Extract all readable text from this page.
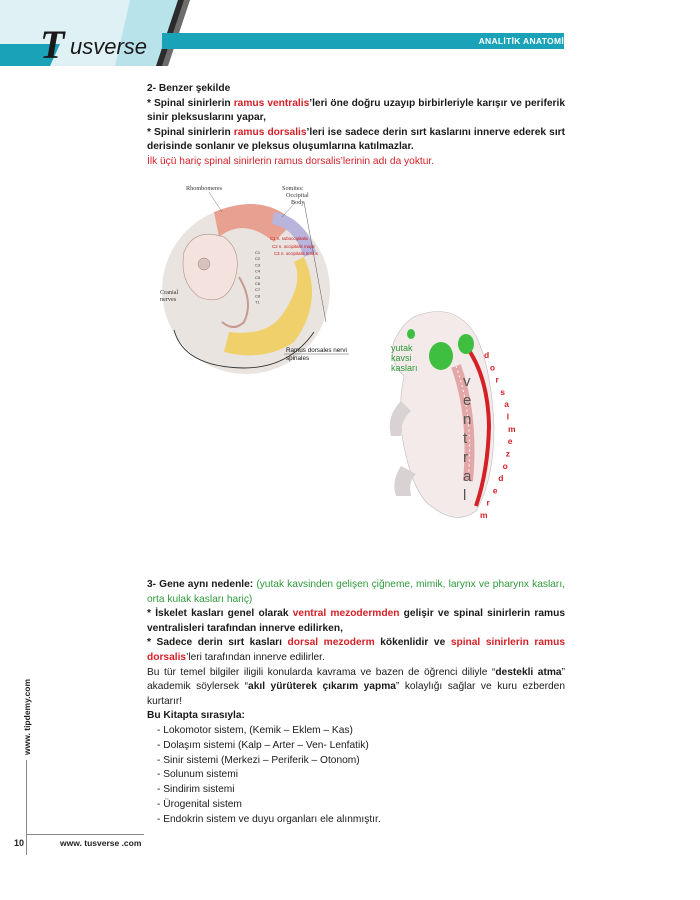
T usverse	ANALİTİK ANATOMİ

2- Benzer şekilde

* Spinal sinirlerin ramus ventralis’leri öne doğru uzayıp birbirleriyle karışır ve periferik sinir pleksuslarını yapar,

* Spinal sinirlerin ramus dorsalis’leri ise sadece derin sırt kaslarını innerve ederek sırt derisinde sonlanır ve pleksus oluşumlarına katılmazlar.

İlk üçü hariç spinal sinirlerin ramus dorsalis’lerinin adı da yoktur.

Rhombomeres	Somites:
Occipital
Body
Cranial
nerves
C1 n. suboccipitalis
C2 n. occipitalis major
C3 n. occipitalis tertius
C1
C2
C3
C4
C5
C6
C7
C8
T1
Ramus dorsales nervi
spinales
yutak
kavsi
kasları
v
e
n
t
r
a
l
d
o
r
s
a
l
m
e
z
o
d
e
r
m

3- Gene aynı nedenle: (yutak kavsinden gelişen çiğneme, mimik, larynx ve pharynx kasları, orta kulak kasları hariç)

* İskelet kasları genel olarak ventral mezodermden gelişir ve spinal sinirlerin ramus ventralisleri tarafından innerve edilirken,

* Sadece derin sırt kasları dorsal mezoderm kökenlidir ve spinal sinirlerin ramus dorsalis’leri tarafından innerve edilirler.

Bu tür temel bilgiler iligili konularda kavrama ve bazen de öğrenci diliyle “destekli atma” akademik söylersek “akıl yürüterek çıkarım yapma” kolaylığı sağlar ve kuru ezberden kurtarır!

Bu Kitapta sırasıyla:

- Lokomotor sistem, (Kemik – Eklem – Kas)
- Dolaşım sistemi (Kalp – Arter – Ven- Lenfatik)
- Sinir sistemi (Merkezi – Periferik – Otonom)
- Solunum sistemi
- Sindirim sistemi
- Ürogenital sistem
- Endokrin sistem ve duyu organları ele alınmıştır.
www. tipdemy.com
10	www. tusverse .com
